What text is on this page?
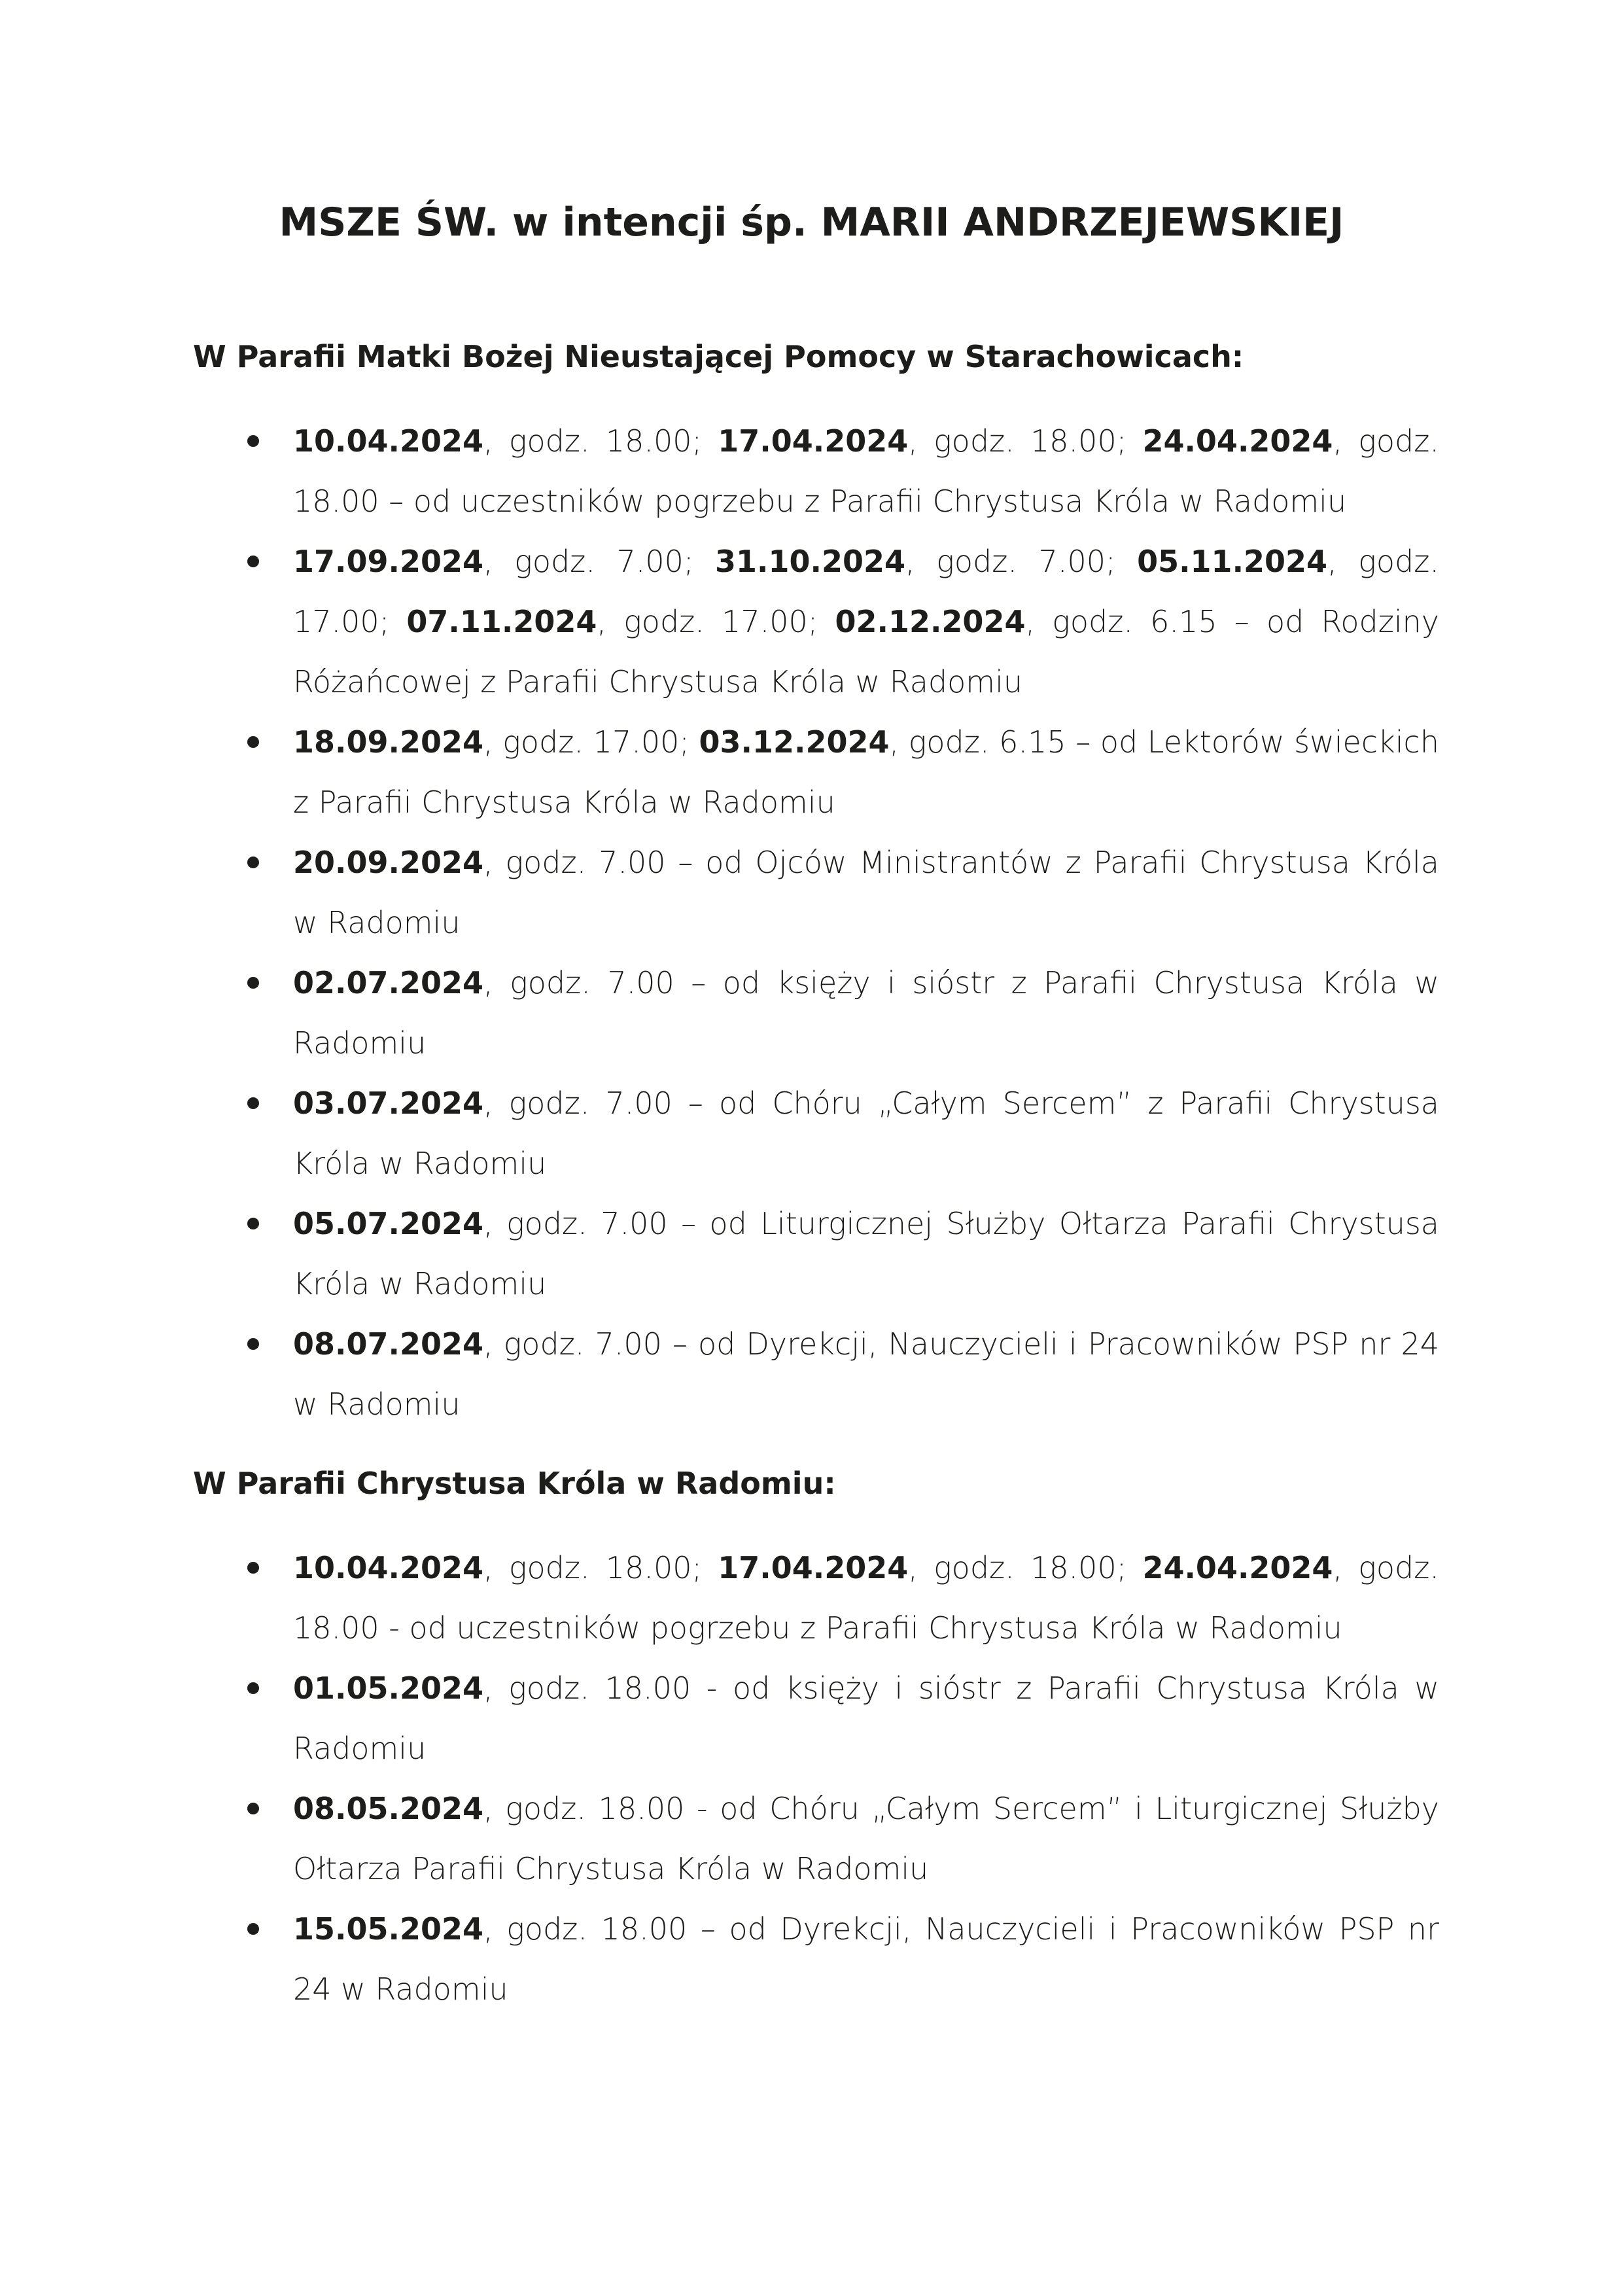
MSZE ŚW. w intencji śp. MARII ANDRZEJEWSKIEJ
W Parafii Matki Bożej Nieustającej Pomocy w Starachowicach:
10.04.2024, godz. 18.00; 17.04.2024, godz. 18.00; 24.04.2024, godz. 18.00 – od uczestników pogrzebu z Parafii Chrystusa Króla w Radomiu
17.09.2024, godz. 7.00; 31.10.2024, godz. 7.00; 05.11.2024, godz. 17.00; 07.11.2024, godz. 17.00; 02.12.2024, godz. 6.15 – od Rodziny Różańcowej z Parafii Chrystusa Króla w Radomiu
18.09.2024, godz. 17.00; 03.12.2024, godz. 6.15 – od Lektorów świeckich z Parafii Chrystusa Króla w Radomiu
20.09.2024, godz. 7.00 – od Ojców Ministrantów z Parafii Chrystusa Króla w Radomiu
02.07.2024, godz. 7.00 – od księży i sióstr z Parafii Chrystusa Króla w Radomiu
03.07.2024, godz. 7.00 – od Chóru „Całym Sercem” z Parafii Chrystusa Króla w Radomiu
05.07.2024, godz. 7.00 – od Liturgicznej Służby Ołtarza Parafii Chrystusa Króla w Radomiu
08.07.2024, godz. 7.00 – od Dyrekcji, Nauczycieli i Pracowników PSP nr 24 w Radomiu
W Parafii Chrystusa Króla w Radomiu:
10.04.2024, godz. 18.00; 17.04.2024, godz. 18.00; 24.04.2024, godz. 18.00 - od uczestników pogrzebu z Parafii Chrystusa Króla w Radomiu
01.05.2024, godz. 18.00 - od księży i sióstr z Parafii Chrystusa Króla w Radomiu
08.05.2024, godz. 18.00 - od Chóru „Całym Sercem” i Liturgicznej Służby Ołtarza Parafii Chrystusa Króla w Radomiu
15.05.2024, godz. 18.00 – od Dyrekcji, Nauczycieli i Pracowników PSP nr 24 w Radomiu
